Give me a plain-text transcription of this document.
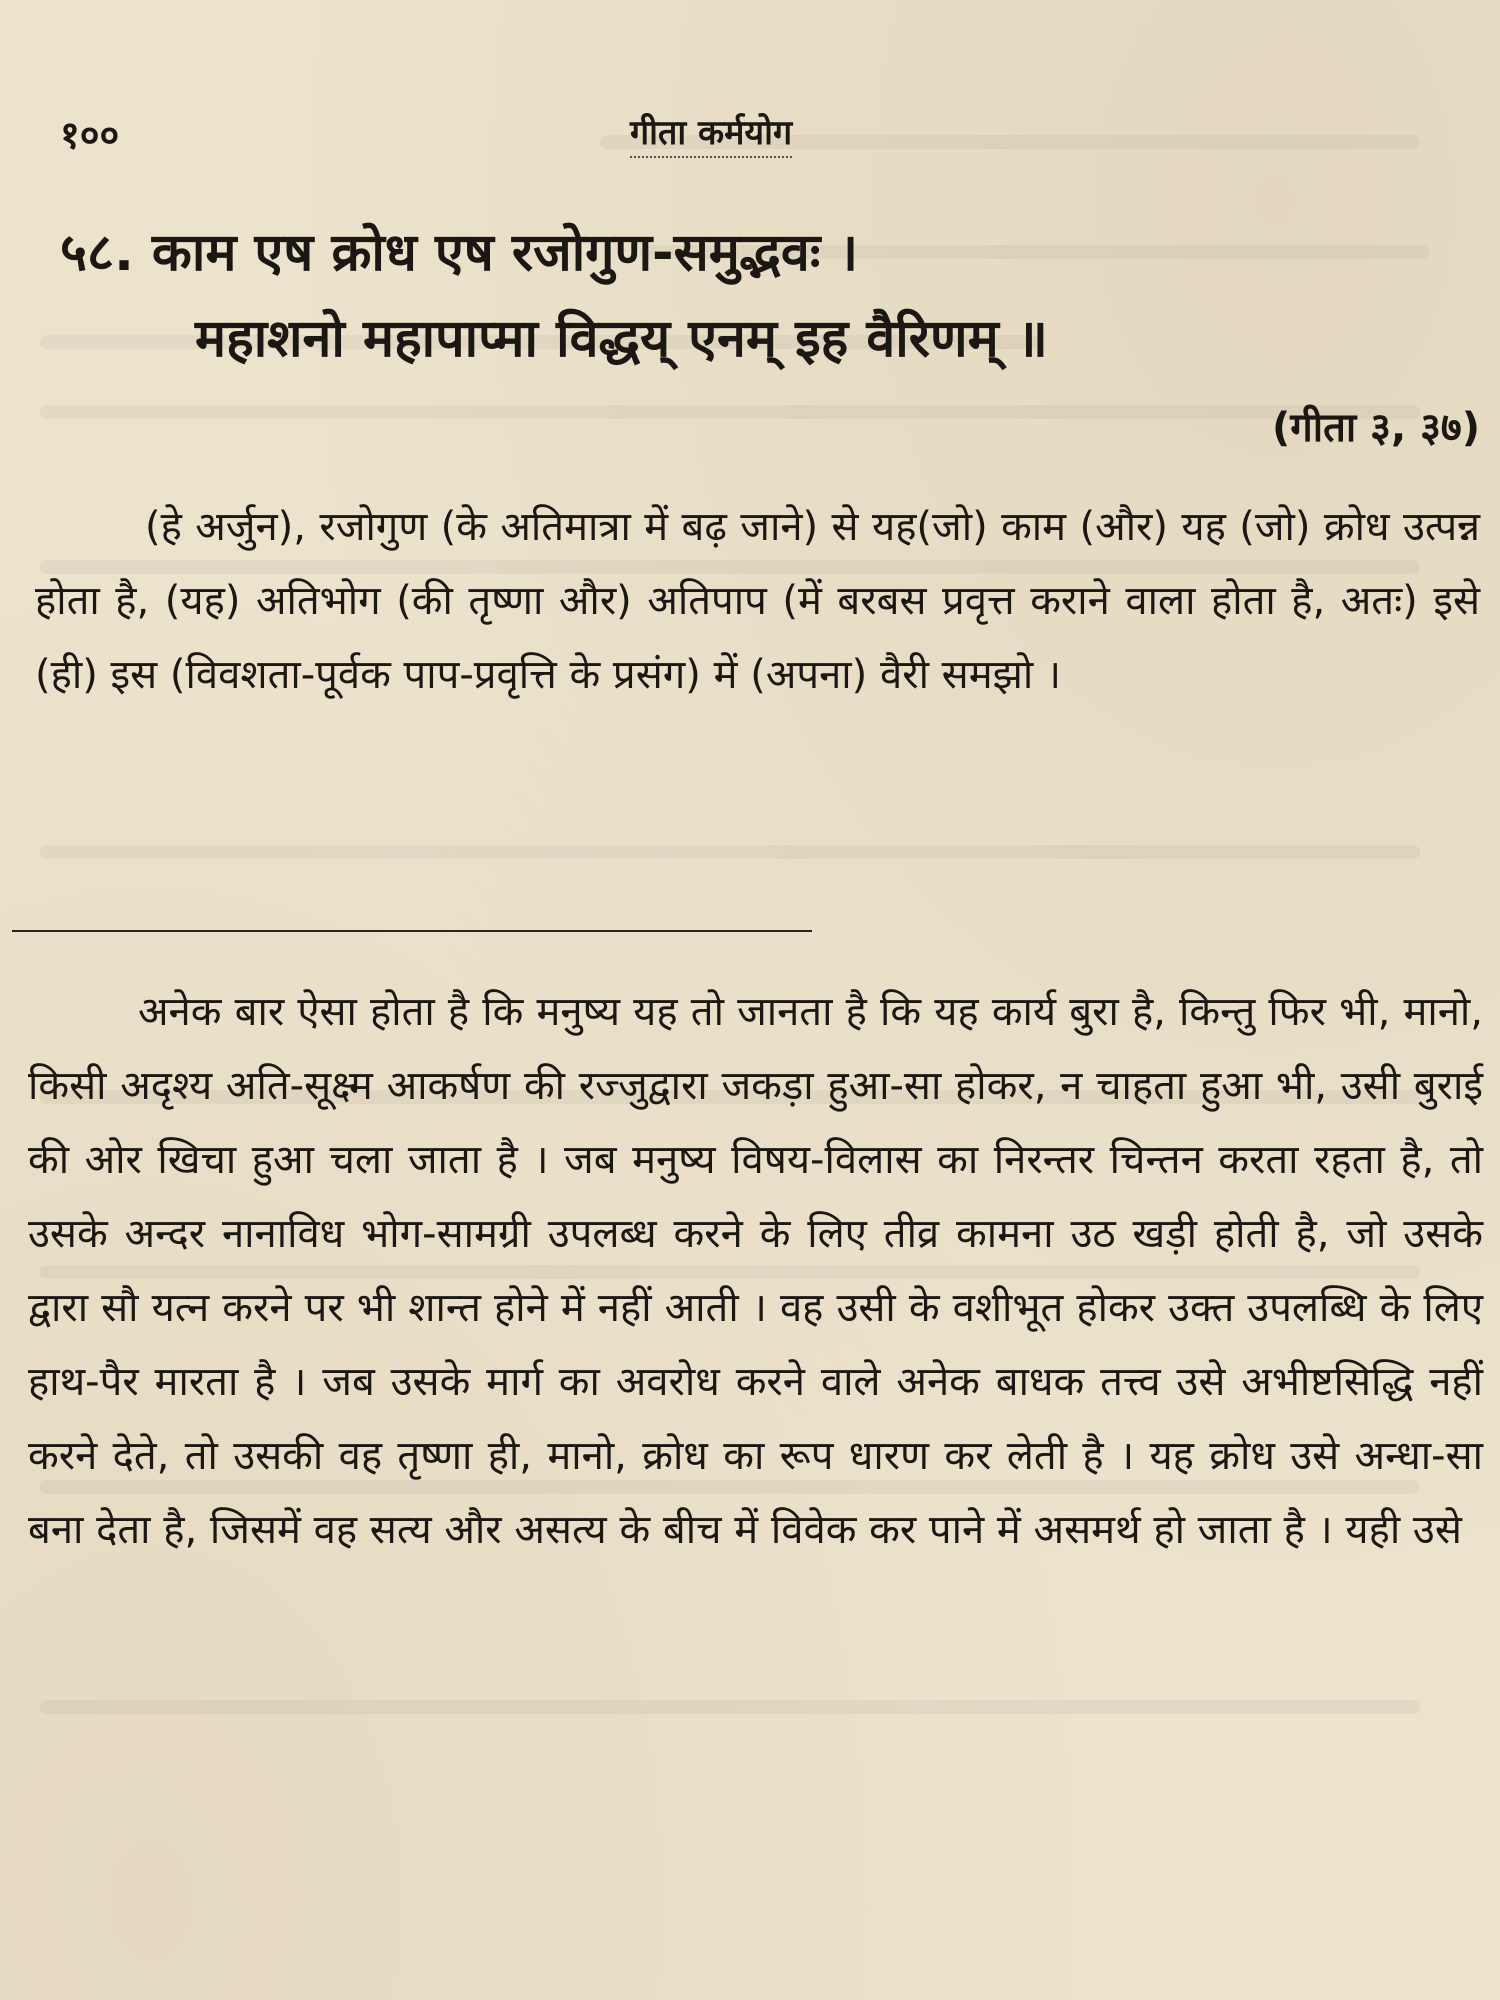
१००	गीता कर्मयोग
५८. काम एष क्रोध एष रजोगुण-समुद्भवः ।
महाशनो महापाप्मा विद्धय् एनम् इह वैरिणम् ॥
(गीता ३, ३७)

(हे अर्जुन), रजोगुण (के अतिमात्रा में बढ़ जाने) से यह(जो) काम (और) यह (जो) क्रोध उत्पन्न होता है, (यह) अतिभोग (की तृष्णा और) अतिपाप (में बरबस प्रवृत्त कराने वाला होता है, अतः) इसे (ही) इस (विवशता-पूर्वक पाप-प्रवृत्ति के प्रसंग) में (अपना) वैरी समझो ।

अनेक बार ऐसा होता है कि मनुष्य यह तो जानता है कि यह कार्य बुरा है, किन्तु फिर भी, मानो, किसी अदृश्य अति-सूक्ष्म आकर्षण की रज्जुद्वारा जकड़ा हुआ-सा होकर, न चाहता हुआ भी, उसी बुराई की ओर खिचा हुआ चला जाता है । जब मनुष्य विषय-विलास का निरन्तर चिन्तन करता रहता है, तो उसके अन्दर नानाविध भोग-सामग्री उपलब्ध करने के लिए तीव्र कामना उठ खड़ी होती है, जो उसके द्वारा सौ यत्न करने पर भी शान्त होने में नहीं आती । वह उसी के वशीभूत होकर उक्त उपलब्धि के लिए हाथ-पैर मारता है । जब उसके मार्ग का अवरोध करने वाले अनेक बाधक तत्त्व उसे अभीष्टसिद्धि नहीं करने देते, तो उसकी वह तृष्णा ही, मानो, क्रोध का रूप धारण कर लेती है । यह क्रोध उसे अन्धा-सा बना देता है, जिसमें वह सत्य और असत्य के बीच में विवेक कर पाने में असमर्थ हो जाता है । यही उसे
